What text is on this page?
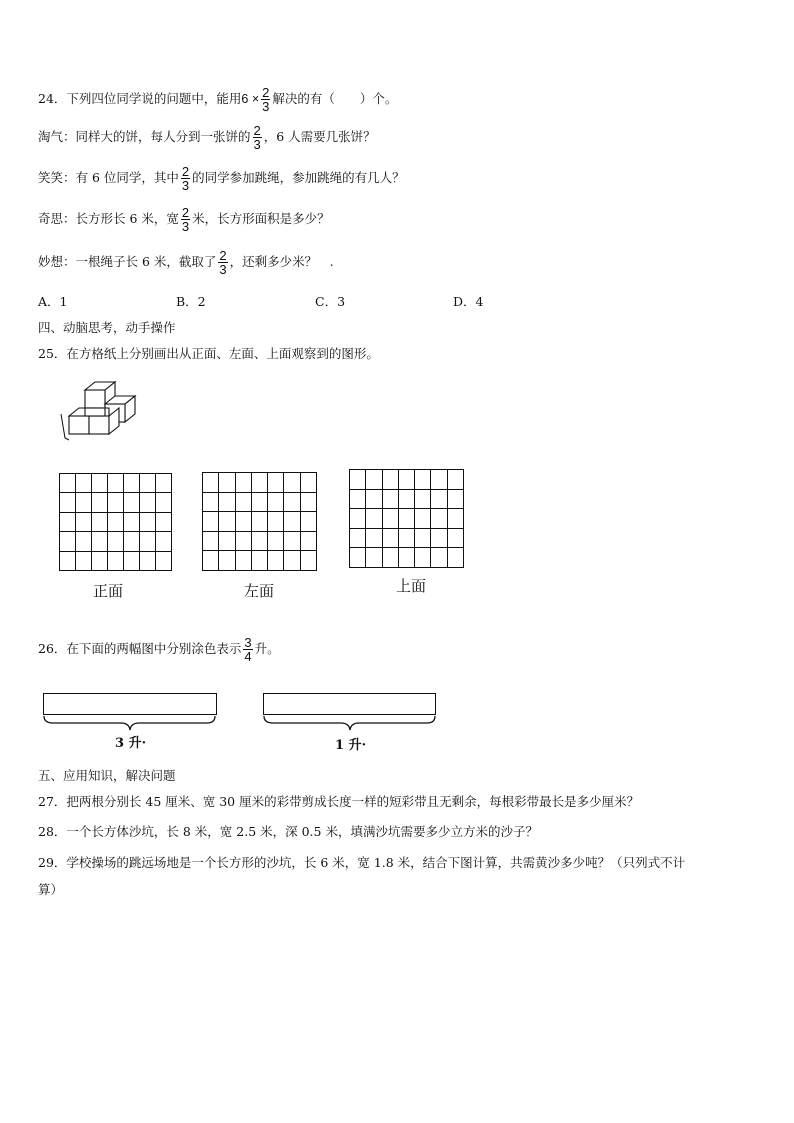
24．下列四位同学说的问题中，能用$6 \times \frac{2}{3}$ 解决的有（　　）个。
淘气：同样大的饼，每人分到一张饼的 $\frac{2}{3}$ ，6 人需要几张饼？
笑笑：有 6 位同学，其中 $\frac{2}{3}$ 的同学参加跳绳，参加跳绳的有几人？
奇思：长方形长 6 米，宽 $\frac{2}{3}$ 米，长方形面积是多少？
妙想：一根绳子长 6 米，截取了 $\frac{2}{3}$ ，还剩多少米？　.
A．1	B．2	C．3	D．4
四、动脑思考，动手操作
25．在方格纸上分别画出从正面、左面、上面观察到的图形。
正面	左面	上面
26．在下面的两幅图中分别涂色表示 $\frac{3}{4}$ 升。
3 升·	1 升·
五、应用知识，解决问题
27．把两根分别长 45 厘米、宽 30 厘米的彩带剪成长度一样的短彩带且无剩余，每根彩带最长是多少厘米？
28．一个长方体沙坑，长 8 米，宽 2.5 米，深 0.5 米，填满沙坑需要多少立方米的沙子？
29．学校操场的跳远场地是一个长方形的沙坑，长 6 米，宽 1.8 米，结合下图计算，共需黄沙多少吨？（只列式不计
算）
